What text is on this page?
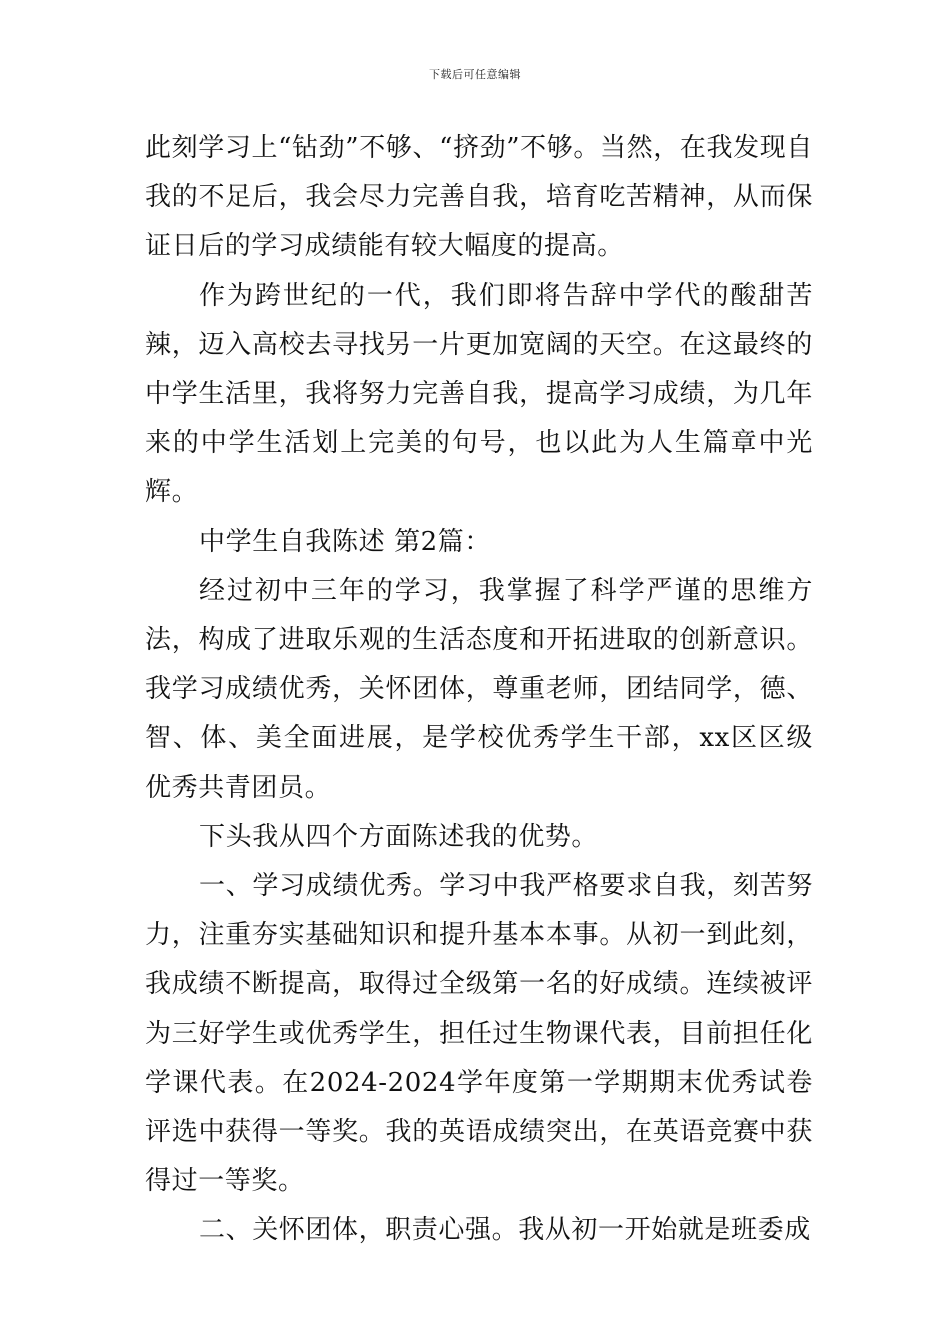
下载后可任意编辑

此刻学习上“钻劲”不够、“挤劲”不够。当然，在我发现自我的不足后，我会尽力完善自我，培育吃苦精神，从而保证日后的学习成绩能有较大幅度的提高。

作为跨世纪的一代，我们即将告辞中学代的酸甜苦辣，迈入高校去寻找另一片更加宽阔的天空。在这最终的中学生活里，我将努力完善自我，提高学习成绩，为几年来的中学生活划上完美的句号，也以此为人生篇章中光辉。

中学生自我陈述 第2篇：

经过初中三年的学习，我掌握了科学严谨的思维方法，构成了进取乐观的生活态度和开拓进取的创新意识。我学习成绩优秀，关怀团体，尊重老师，团结同学，德、智、体、美全面进展，是学校优秀学生干部，xx区区级优秀共青团员。

下头我从四个方面陈述我的优势。

一、学习成绩优秀。学习中我严格要求自我，刻苦努力，注重夯实基础知识和提升基本本事。从初一到此刻，我成绩不断提高，取得过全级第一名的好成绩。连续被评为三好学生或优秀学生，担任过生物课代表，目前担任化学课代表。在2024-2024学年度第一学期期末优秀试卷评选中获得一等奖。我的英语成绩突出，在英语竞赛中获得过一等奖。

二、关怀团体，职责心强。我从初一开始就是班委成
